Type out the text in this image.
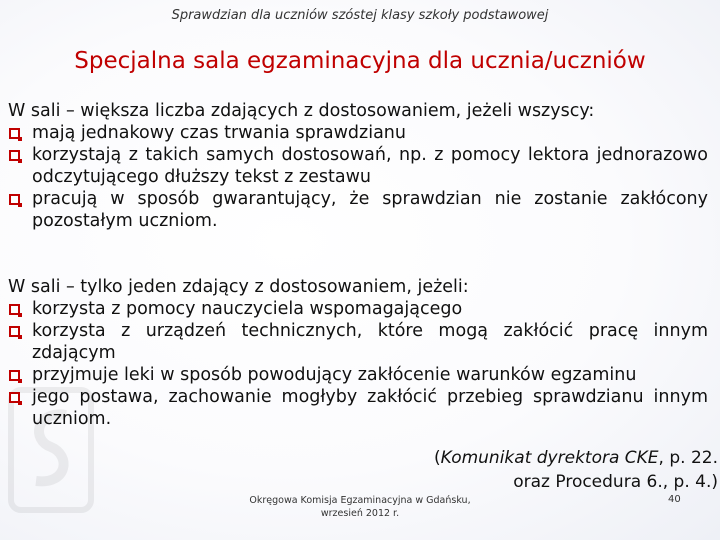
Sprawdzian dla uczniów szóstej klasy szkoły podstawowej
Specjalna sala egzaminacyjna dla ucznia/uczniów
W sali – większa liczba zdających z dostosowaniem, jeżeli wszyscy:
mają jednakowy czas trwania sprawdzianu
korzystają z takich samych dostosowań, np. z pomocy lektora jednorazowo odczytującego dłuższy tekst z zestawu
pracują w sposób gwarantujący, że sprawdzian nie zostanie zakłócony pozostałym uczniom.
W sali – tylko jeden zdający z dostosowaniem, jeżeli:
korzysta z pomocy nauczyciela wspomagającego
korzysta z urządzeń technicznych, które mogą zakłócić pracę innym zdającym
przyjmuje leki w sposób powodujący zakłócenie warunków egzaminu
jego postawa, zachowanie mogłyby zakłócić przebieg sprawdzianu innym uczniom.
(Komunikat dyrektora CKE, p. 22.
oraz Procedura 6., p. 4.)
Okręgowa Komisja Egzaminacyjna w Gdańsku,
wrzesień 2012 r.
40
